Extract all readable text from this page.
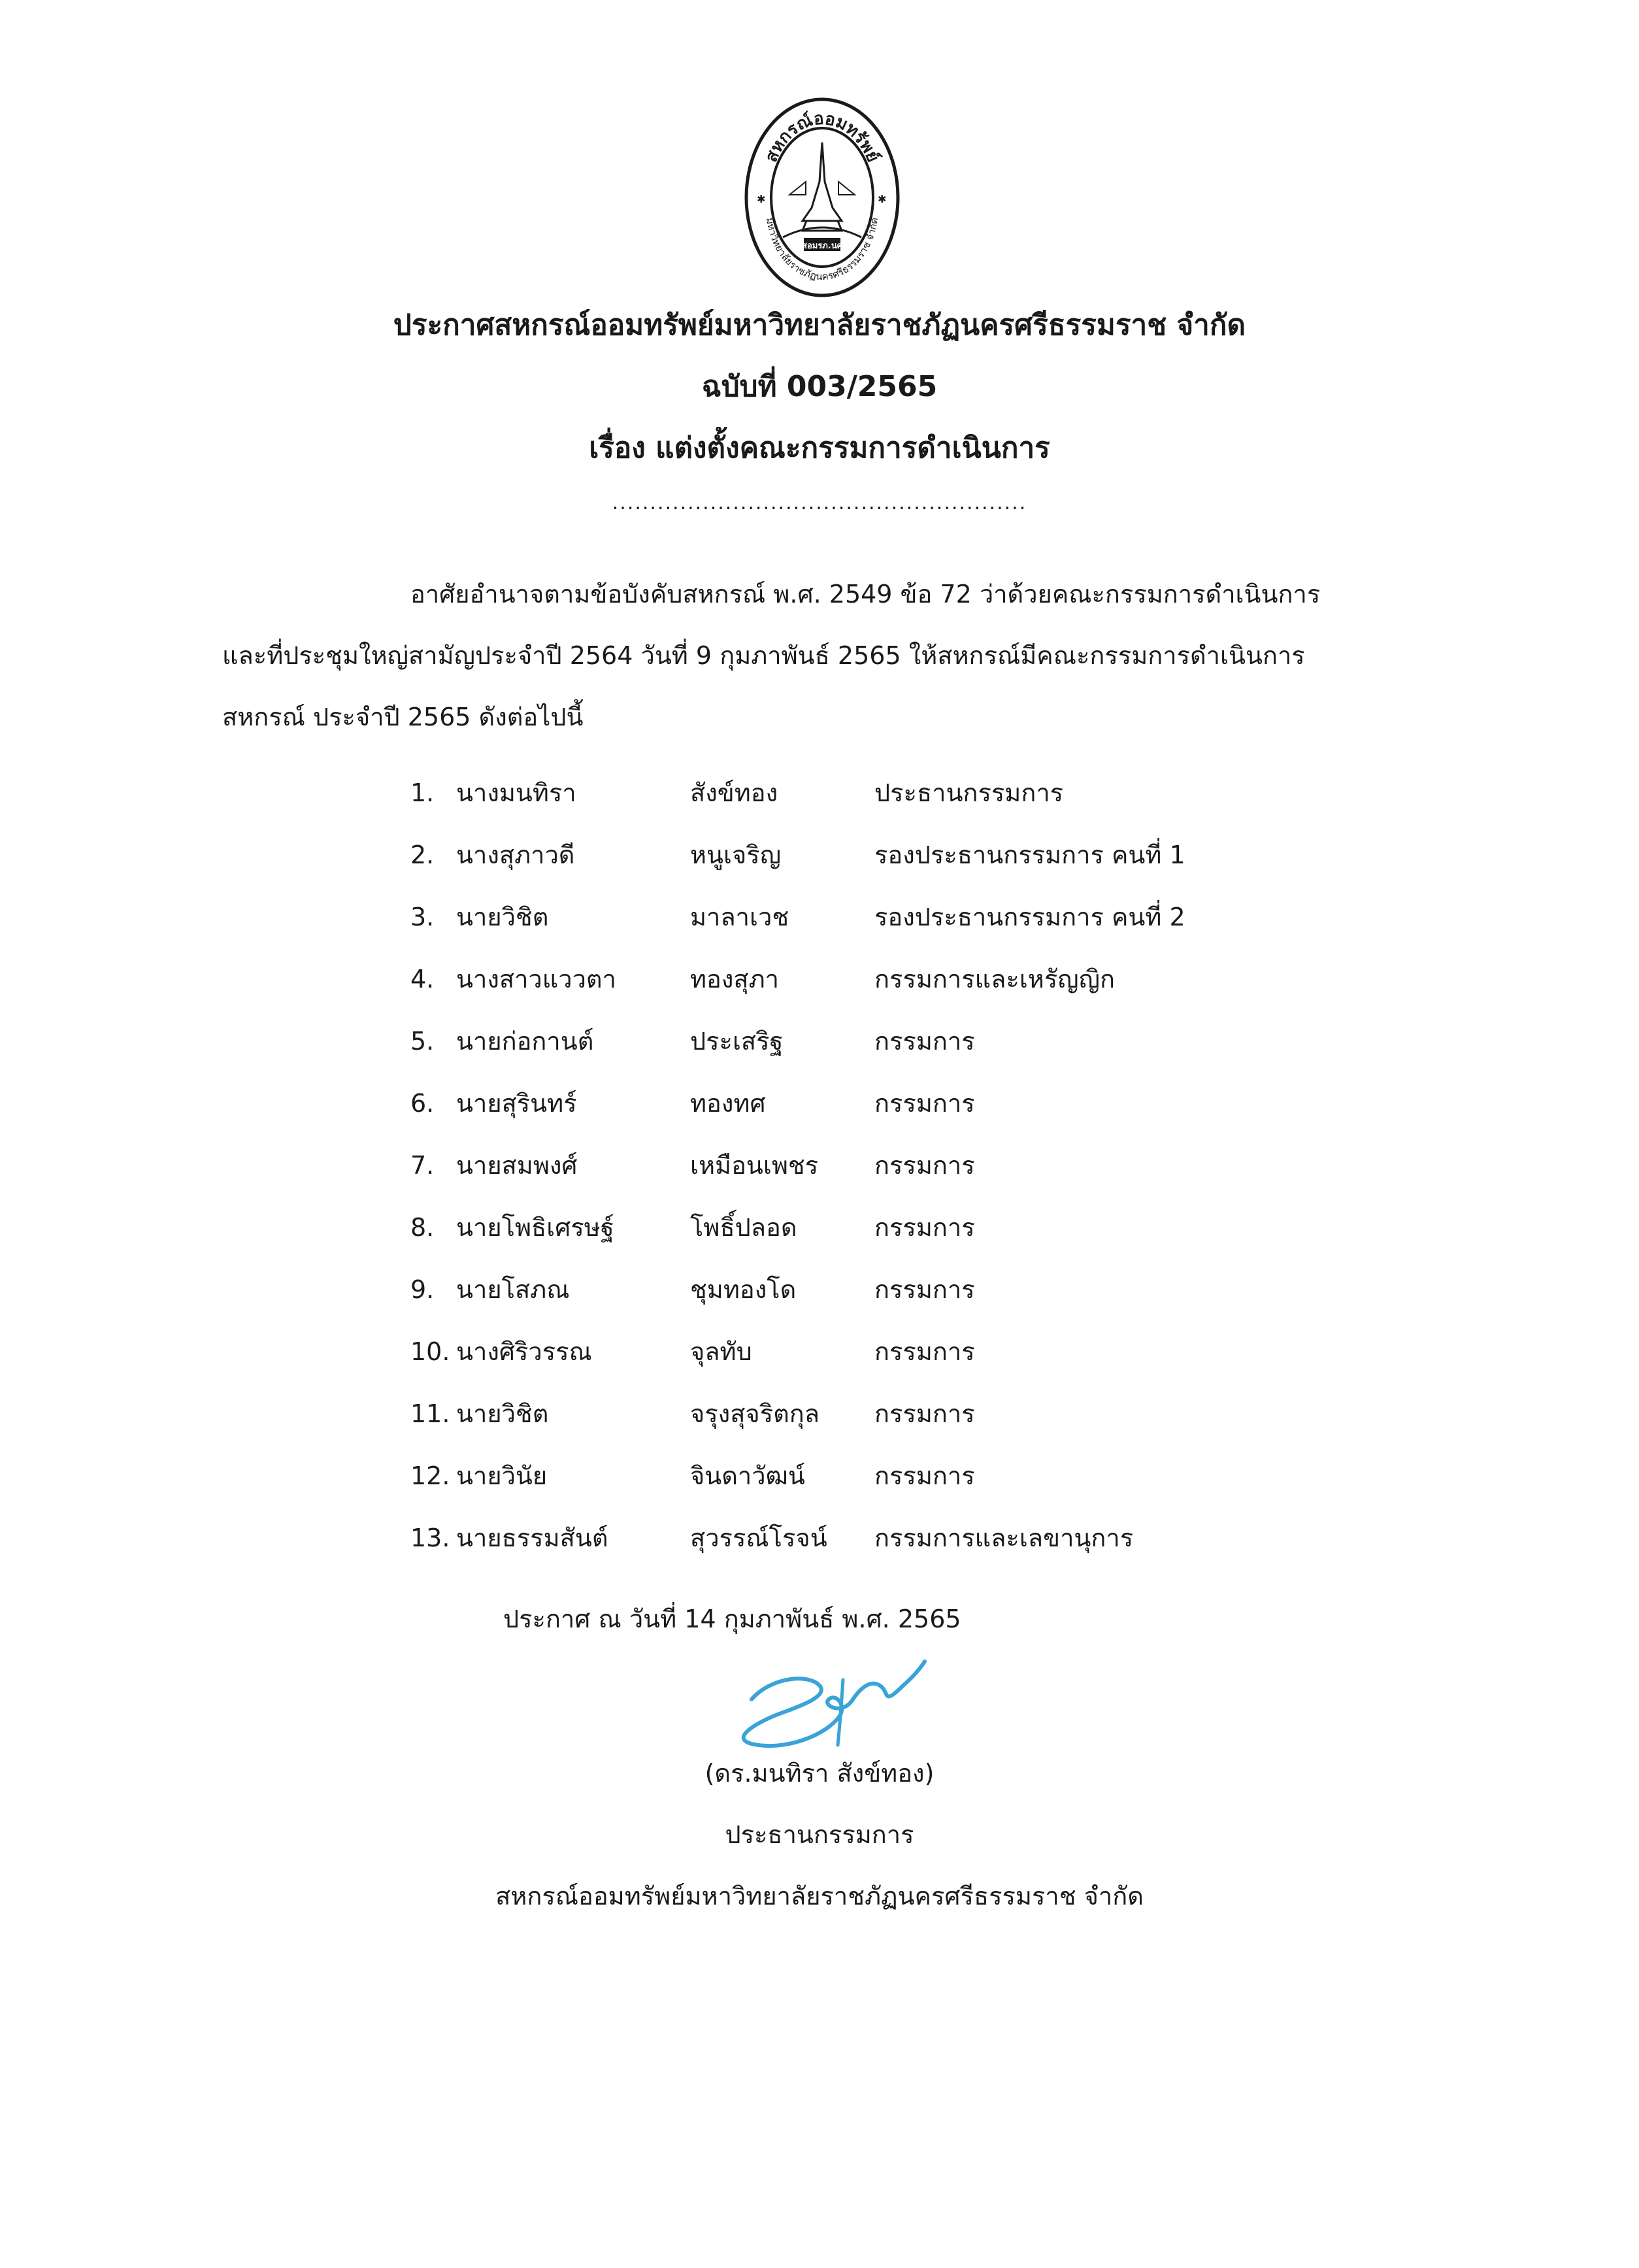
สหกรณ์ออมทรัพย์
มหาวิทยาลัยราชภัฏนครศรีธรรมราช จำกัด
สอมรภ.นศ
✱	✱
ประกาศสหกรณ์ออมทรัพย์มหาวิทยาลัยราชภัฏนครศรีธรรมราช จำกัด
ฉบับที่ 003/2565
เรื่อง แต่งตั้งคณะกรรมการดำเนินการ
.......................................................
อาศัยอำนาจตามข้อบังคับสหกรณ์ พ.ศ. 2549 ข้อ 72 ว่าด้วยคณะกรรมการดำเนินการ
และที่ประชุมใหญ่สามัญประจำปี 2564 วันที่ 9 กุมภาพันธ์ 2565 ให้สหกรณ์มีคณะกรรมการดำเนินการ
สหกรณ์ ประจำปี 2565 ดังต่อไปนี้
1. นางมนทิรา	สังข์ทอง	ประธานกรรมการ
2. นางสุภาวดี	หนูเจริญ	รองประธานกรรมการ คนที่ 1
3. นายวิชิต	มาลาเวช	รองประธานกรรมการ คนที่ 2
4. นางสาวแววตา	ทองสุภา	กรรมการและเหรัญญิก
5. นายก่อกานต์	ประเสริฐ	กรรมการ
6. นายสุรินทร์	ทองทศ	กรรมการ
7. นายสมพงศ์	เหมือนเพชร กรรมการ
8. นายโพธิเศรษฐ์	โพธิ์ปลอด	กรรมการ
9. นายโสภณ	ชุมทองโด	กรรมการ
10. นางศิริวรรณ	จุลทับ	กรรมการ
11. นายวิชิต	จรุงสุจริตกุล กรรมการ
12. นายวินัย	จินดาวัฒน์	กรรมการ
13. นายธรรมสันต์	สุวรรณ์โรจน์ กรรมการและเลขานุการ
ประกาศ ณ วันที่ 14 กุมภาพันธ์ พ.ศ. 2565
(ดร.มนทิรา สังข์ทอง)
ประธานกรรมการ
สหกรณ์ออมทรัพย์มหาวิทยาลัยราชภัฏนครศรีธรรมราช จำกัด
